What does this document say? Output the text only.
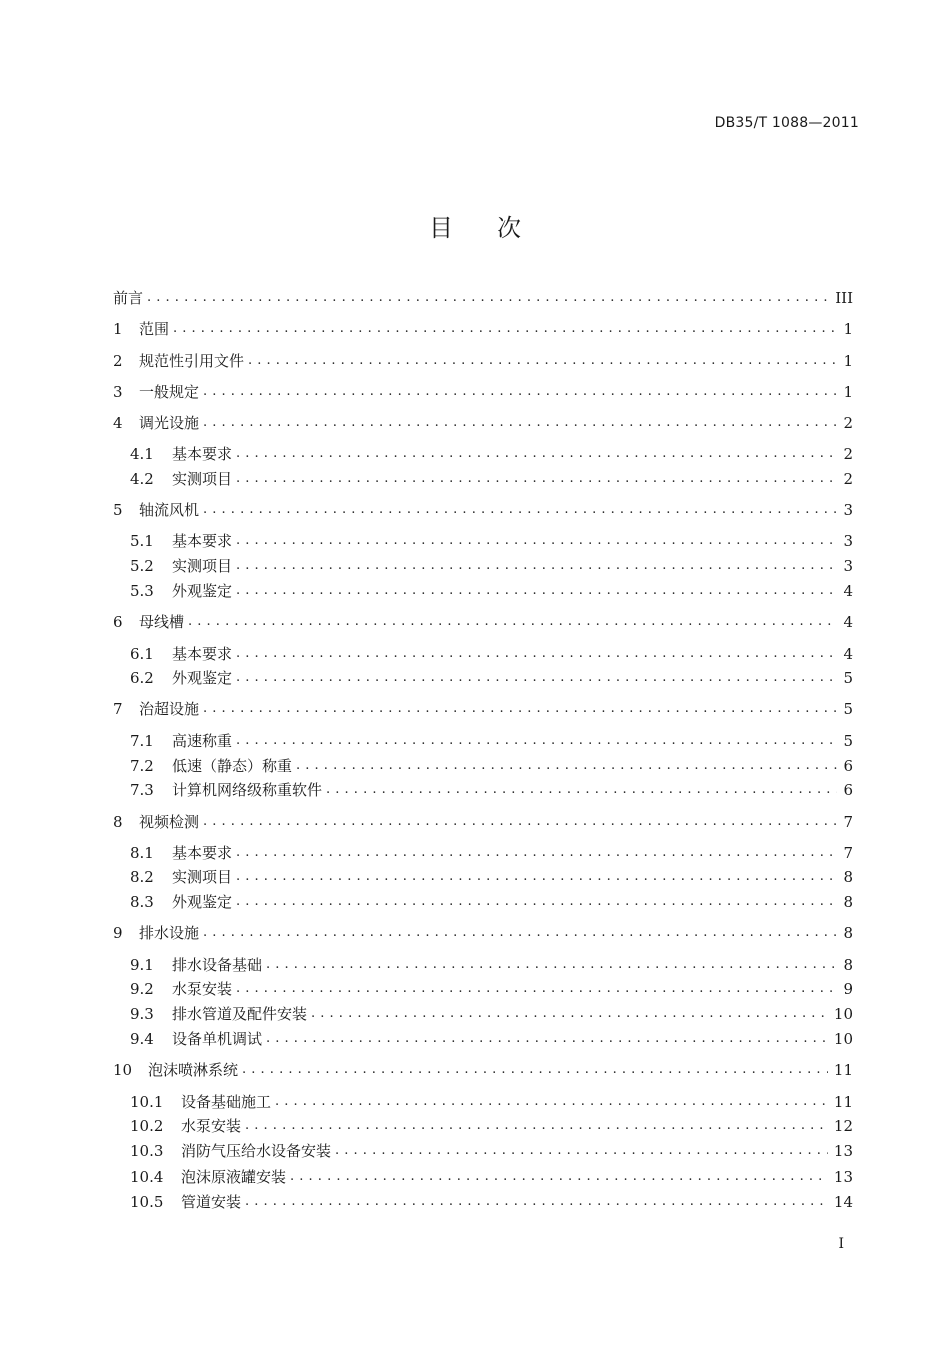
DB35/T 1088—2011
目 次
前言 . . .	III
1	范围 . . .	1
2	规范性引用文件 . . .	1
3	一般规定 . . .	1
4	调光设施 . . .	2
4.1	基本要求 . . .	2
4.2	实测项目 . . .	2
5	轴流风机 . . .	3
5.1	基本要求 . . .	3
5.2	实测项目 . . .	3
5.3	外观鉴定 . . .	4
6	母线槽 . . .	4
6.1	基本要求 . . .	4
6.2	外观鉴定 . . .	5
7	治超设施 . . .	5
7.1	高速称重 . . .	5
7.2	低速（静态）称重 . . .	6
7.3	计算机网络级称重软件 . . .	6
8	视频检测 . . .	7
8.1	基本要求 . . .	7
8.2	实测项目 . . .	8
8.3	外观鉴定 . . .	8
9	排水设施 . . .	8
9.1	排水设备基础 . . .	8
9.2	水泵安装 . . .	9
9.3	排水管道及配件安装 . . .	10
9.4	设备单机调试 . . .	10
10	泡沫喷淋系统 . . .	11
10.1	设备基础施工 . . .	11
10.2	水泵安装 . . .	12
10.3	消防气压给水设备安装 . . .	13
10.4	泡沫原液罐安装 . . .	13
10.5	管道安装 . . .	14
I
